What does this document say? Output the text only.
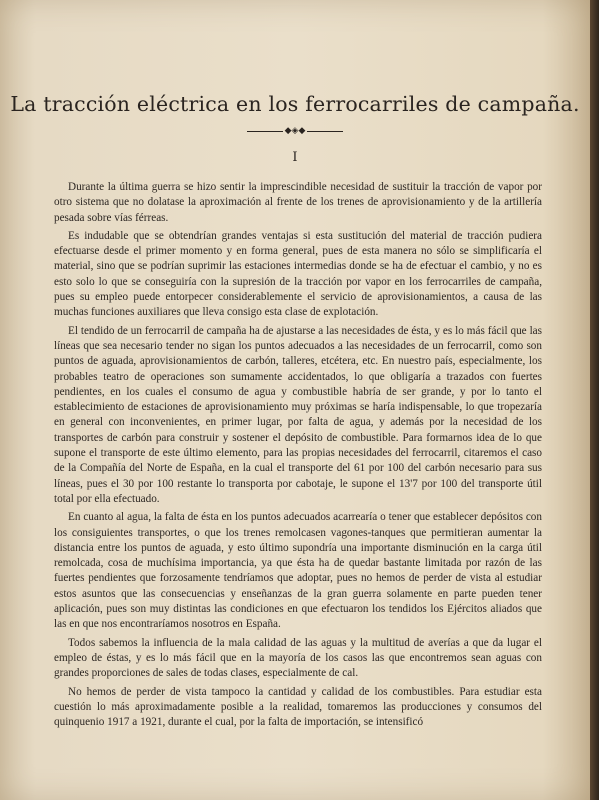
La tracción eléctrica en los ferrocarriles de campaña.
◆◈◆
I

Durante la última guerra se hizo sentir la imprescindible necesidad de sustituir la tracción de vapor por otro sistema que no dolatase la aproximación al frente de los trenes de aprovisionamiento y de la artillería pesada sobre vías férreas.

Es indudable que se obtendrían grandes ventajas si esta sustitución del material de tracción pudiera efectuarse desde el primer momento y en forma general, pues de esta manera no sólo se simplificaría el material, sino que se podrían suprimir las estaciones intermedias donde se ha de efectuar el cambio, y no es esto solo lo que se conseguiría con la supresión de la tracción por vapor en los ferrocarriles de campaña, pues su empleo puede entorpecer considerablemente el servicio de aprovisionamientos, a causa de las muchas funciones auxiliares que lleva consigo esta clase de explotación.

El tendido de un ferrocarril de campaña ha de ajustarse a las necesidades de ésta, y es lo más fácil que las líneas que sea necesario tender no sigan los puntos adecuados a las necesidades de un ferrocarril, como son puntos de aguada, aprovisionamientos de carbón, talleres, etcétera, etc. En nuestro país, especialmente, los probables teatro de operaciones son sumamente accidentados, lo que obligaría a trazados con fuertes pendientes, en los cuales el consumo de agua y combustible habría de ser grande, y por lo tanto el establecimiento de estaciones de aprovisionamiento muy próximas se haría indispensable, lo que tropezaría en general con inconvenientes, en primer lugar, por falta de agua, y además por la necesidad de los transportes de carbón para construir y sostener el depósito de combustible. Para formarnos idea de lo que supone el transporte de este último elemento, para las propias necesidades del ferrocarril, citaremos el caso de la Compañía del Norte de España, en la cual el transporte del 61 por 100 del carbón necesario para sus líneas, pues el 30 por 100 restante lo transporta por cabotaje, le supone el 13'7 por 100 del transporte útil total por ella efectuado.

En cuanto al agua, la falta de ésta en los puntos adecuados acarrearía o tener que establecer depósitos con los consiguientes transportes, o que los trenes remolcasen vagones-tanques que permitieran aumentar la distancia entre los puntos de aguada, y esto último supondría una importante disminución en la carga útil remolcada, cosa de muchísima importancia, ya que ésta ha de quedar bastante limitada por razón de las fuertes pendientes que forzosamente tendríamos que adoptar, pues no hemos de perder de vista al estudiar estos asuntos que las consecuencias y enseñanzas de la gran guerra solamente en parte pueden tener aplicación, pues son muy distintas las condiciones en que efectuaron los tendidos los Ejércitos aliados que las en que nos encontraríamos nosotros en España.

Todos sabemos la influencia de la mala calidad de las aguas y la multitud de averías a que da lugar el empleo de éstas, y es lo más fácil que en la mayoría de los casos las que encontremos sean aguas con grandes proporciones de sales de todas clases, especialmente de cal.

No hemos de perder de vista tampoco la cantidad y calidad de los combustibles. Para estudiar esta cuestión lo más aproximadamente posible a la realidad, tomaremos las producciones y consumos del quinquenio 1917 a 1921, durante el cual, por la falta de importación, se intensificó
